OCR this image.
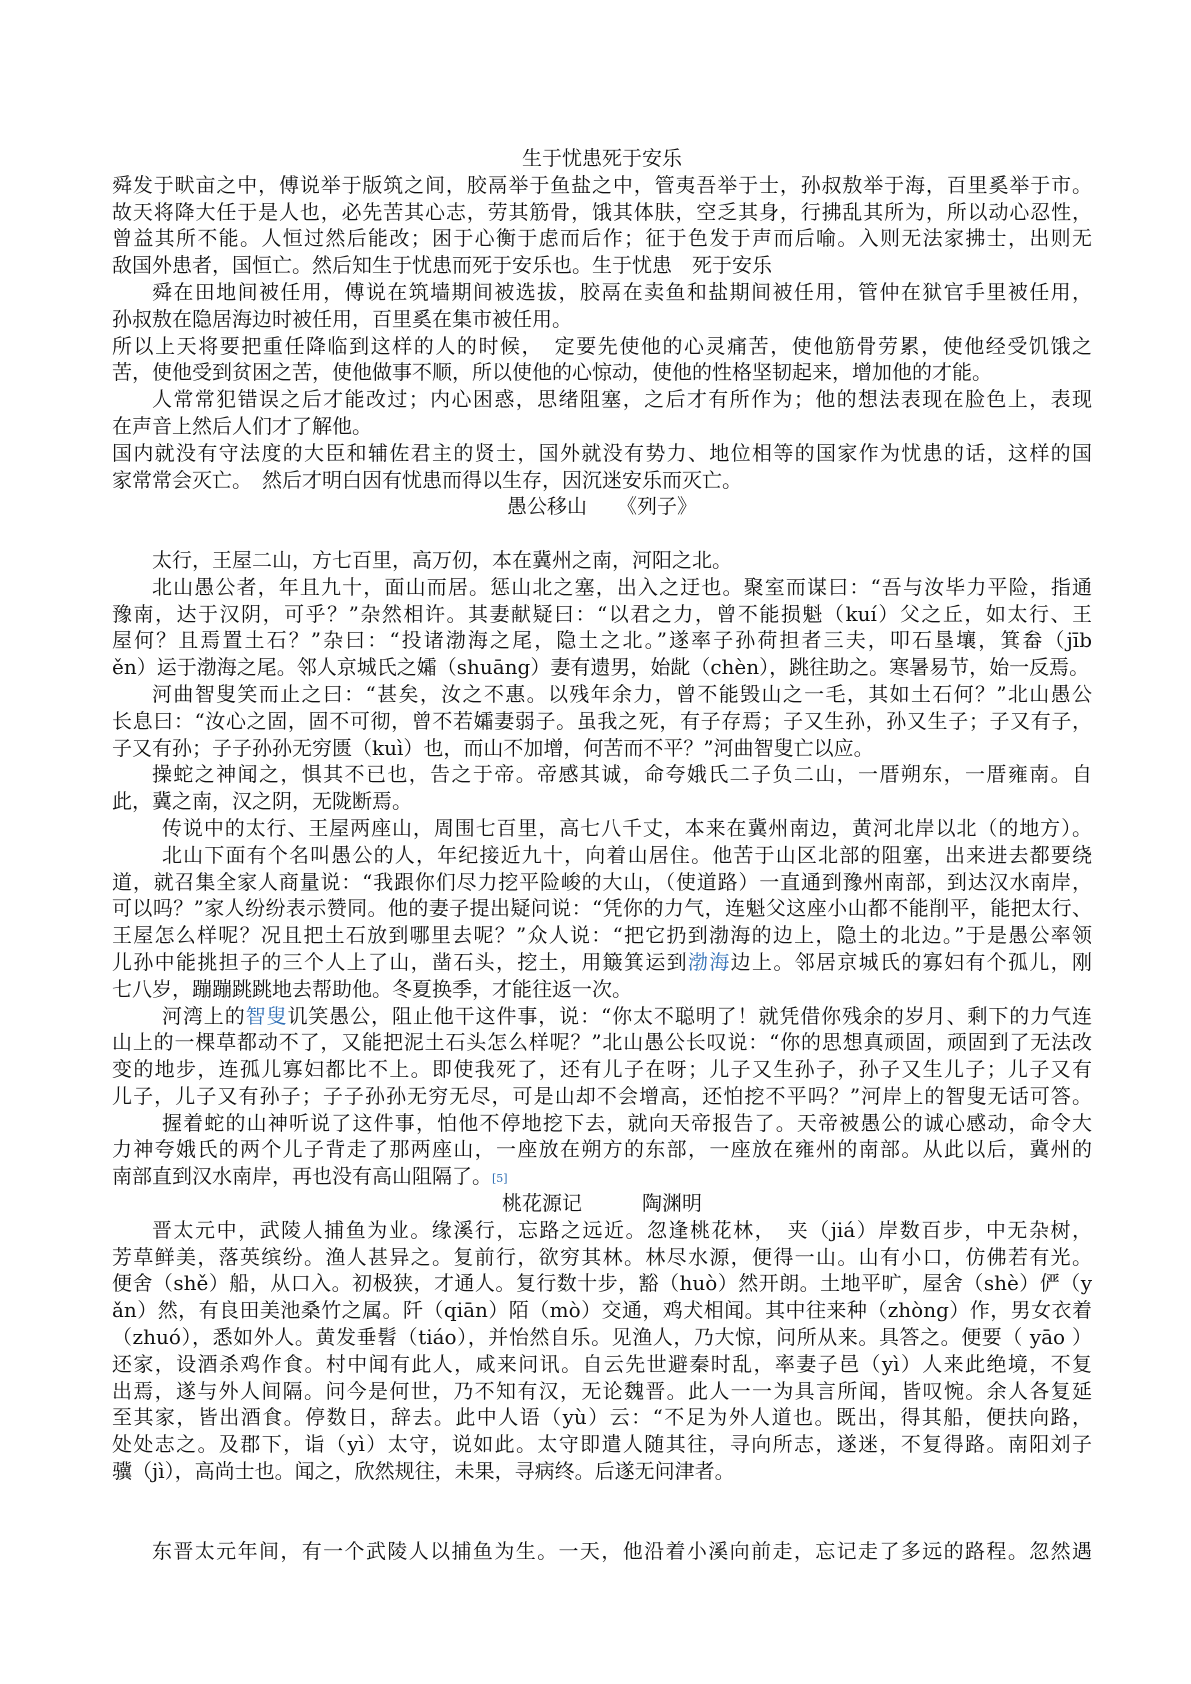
生于忧患死于安乐
舜发于畎亩之中，傅说举于版筑之间，胶鬲举于鱼盐之中，管夷吾举于士，孙叔敖举于海，百里奚举于市。
故天将降大任于是人也，必先苦其心志，劳其筋骨，饿其体肤，空乏其身，行拂乱其所为，所以动心忍性，
曾益其所不能。人恒过然后能改；困于心衡于虑而后作；征于色发于声而后喻。入则无法家拂士，出则无
敌国外患者，国恒亡。然后知生于忧患而死于安乐也。生于忧患　死于安乐
舜在田地间被任用，傅说在筑墙期间被选拔，胶鬲在卖鱼和盐期间被任用，管仲在狱官手里被任用，
孙叔敖在隐居海边时被任用，百里奚在集市被任用。
所以上天将要把重任降临到这样的人的时候，　定要先使他的心灵痛苦，使他筋骨劳累，使他经受饥饿之
苦，使他受到贫困之苦，使他做事不顺，所以使他的心惊动，使他的性格坚韧起来，增加他的才能。
人常常犯错误之后才能改过；内心困惑，思绪阻塞，之后才有所作为；他的想法表现在脸色上，表现
在声音上然后人们才了解他。
国内就没有守法度的大臣和辅佐君主的贤士，国外就没有势力、地位相等的国家作为忧患的话，这样的国
家常常会灭亡。　然后才明白因有忧患而得以生存，因沉迷安乐而灭亡。
愚公移山　　《列子》
太行，王屋二山，方七百里，高万仞，本在冀州之南，河阳之北。
北山愚公者，年且九十，面山而居。惩山北之塞，出入之迂也。聚室而谋曰：“吾与汝毕力平险，指通
豫南，达于汉阴，可乎？”杂然相许。其妻献疑曰：“以君之力，曾不能损魁（kuí）父之丘，如太行、王
屋何？且焉置土石？”杂曰：“投诸渤海之尾，隐土之北。”遂率子孙荷担者三夫，叩石垦壤，箕畚（jīb
ěn）运于渤海之尾。邻人京城氏之孀（shuāng）妻有遗男，始龀（chèn），跳往助之。寒暑易节，始一反焉。
河曲智叟笑而止之曰：“甚矣，汝之不惠。以残年余力，曾不能毁山之一毛，其如土石何？”北山愚公
长息曰：“汝心之固，固不可彻，曾不若孀妻弱子。虽我之死，有子存焉；子又生孙，孙又生子；子又有子，
子又有孙；子子孙孙无穷匮（kuì）也，而山不加增，何苦而不平？”河曲智叟亡以应。
操蛇之神闻之，惧其不已也，告之于帝。帝感其诚，命夸娥氏二子负二山，一厝朔东，一厝雍南。自
此，冀之南，汉之阴，无陇断焉。
传说中的太行、王屋两座山，周围七百里，高七八千丈，本来在冀州南边，黄河北岸以北（的地方）。
北山下面有个名叫愚公的人，年纪接近九十，向着山居住。他苦于山区北部的阻塞，出来进去都要绕
道，就召集全家人商量说：“我跟你们尽力挖平险峻的大山，（使道路）一直通到豫州南部，到达汉水南岸，
可以吗？”家人纷纷表示赞同。他的妻子提出疑问说：“凭你的力气，连魁父这座小山都不能削平，能把太行、
王屋怎么样呢？况且把土石放到哪里去呢？”众人说：“把它扔到渤海的边上，隐土的北边。”于是愚公率领
儿孙中能挑担子的三个人上了山，凿石头，挖土，用簸箕运到渤海边上。邻居京城氏的寡妇有个孤儿，刚
七八岁，蹦蹦跳跳地去帮助他。冬夏换季，才能往返一次。
河湾上的智叟讥笑愚公，阻止他干这件事，说：“你太不聪明了！就凭借你残余的岁月、剩下的力气连
山上的一棵草都动不了，又能把泥土石头怎么样呢？”北山愚公长叹说：“你的思想真顽固，顽固到了无法改
变的地步，连孤儿寡妇都比不上。即使我死了，还有儿子在呀；儿子又生孙子，孙子又生儿子；儿子又有
儿子，儿子又有孙子；子子孙孙无穷无尽，可是山却不会增高，还怕挖不平吗？”河岸上的智叟无话可答。
握着蛇的山神听说了这件事，怕他不停地挖下去，就向天帝报告了。天帝被愚公的诚心感动，命令大
力神夸娥氏的两个儿子背走了那两座山，一座放在朔方的东部，一座放在雍州的南部。从此以后，冀州的
南部直到汉水南岸，再也没有高山阻隔了。[5]
桃花源记　　　陶渊明
晋太元中，武陵人捕鱼为业。缘溪行，忘路之远近。忽逢桃花林，　夹（jiá）岸数百步，中无杂树，
芳草鲜美，落英缤纷。渔人甚异之。复前行，欲穷其林。林尽水源，便得一山。山有小口，仿佛若有光。
便舍（shě）船，从口入。初极狭，才通人。复行数十步，豁（huò）然开朗。土地平旷，屋舍（shè）俨（y
ǎn）然，有良田美池桑竹之属。阡（qiān）陌（mò）交通，鸡犬相闻。其中往来种（zhòng）作，男女衣着
（zhuó），悉如外人。黄发垂髫（tiáo），并怡然自乐。见渔人，乃大惊，问所从来。具答之。便要（ yāo ）
还家，设酒杀鸡作食。村中闻有此人，咸来问讯。自云先世避秦时乱，率妻子邑（yì）人来此绝境，不复
出焉，遂与外人间隔。问今是何世，乃不知有汉，无论魏晋。此人一一为具言所闻，皆叹惋。余人各复延
至其家，皆出酒食。停数日，辞去。此中人语（yù）云：“不足为外人道也。既出，得其船，便扶向路，
处处志之。及郡下，诣（yì）太守，说如此。太守即遣人随其往，寻向所志，遂迷，不复得路。南阳刘子
骥（jì），高尚士也。闻之，欣然规往，未果，寻病终。后遂无问津者。
东晋太元年间，有一个武陵人以捕鱼为生。一天，他沿着小溪向前走，忘记走了多远的路程。忽然遇
